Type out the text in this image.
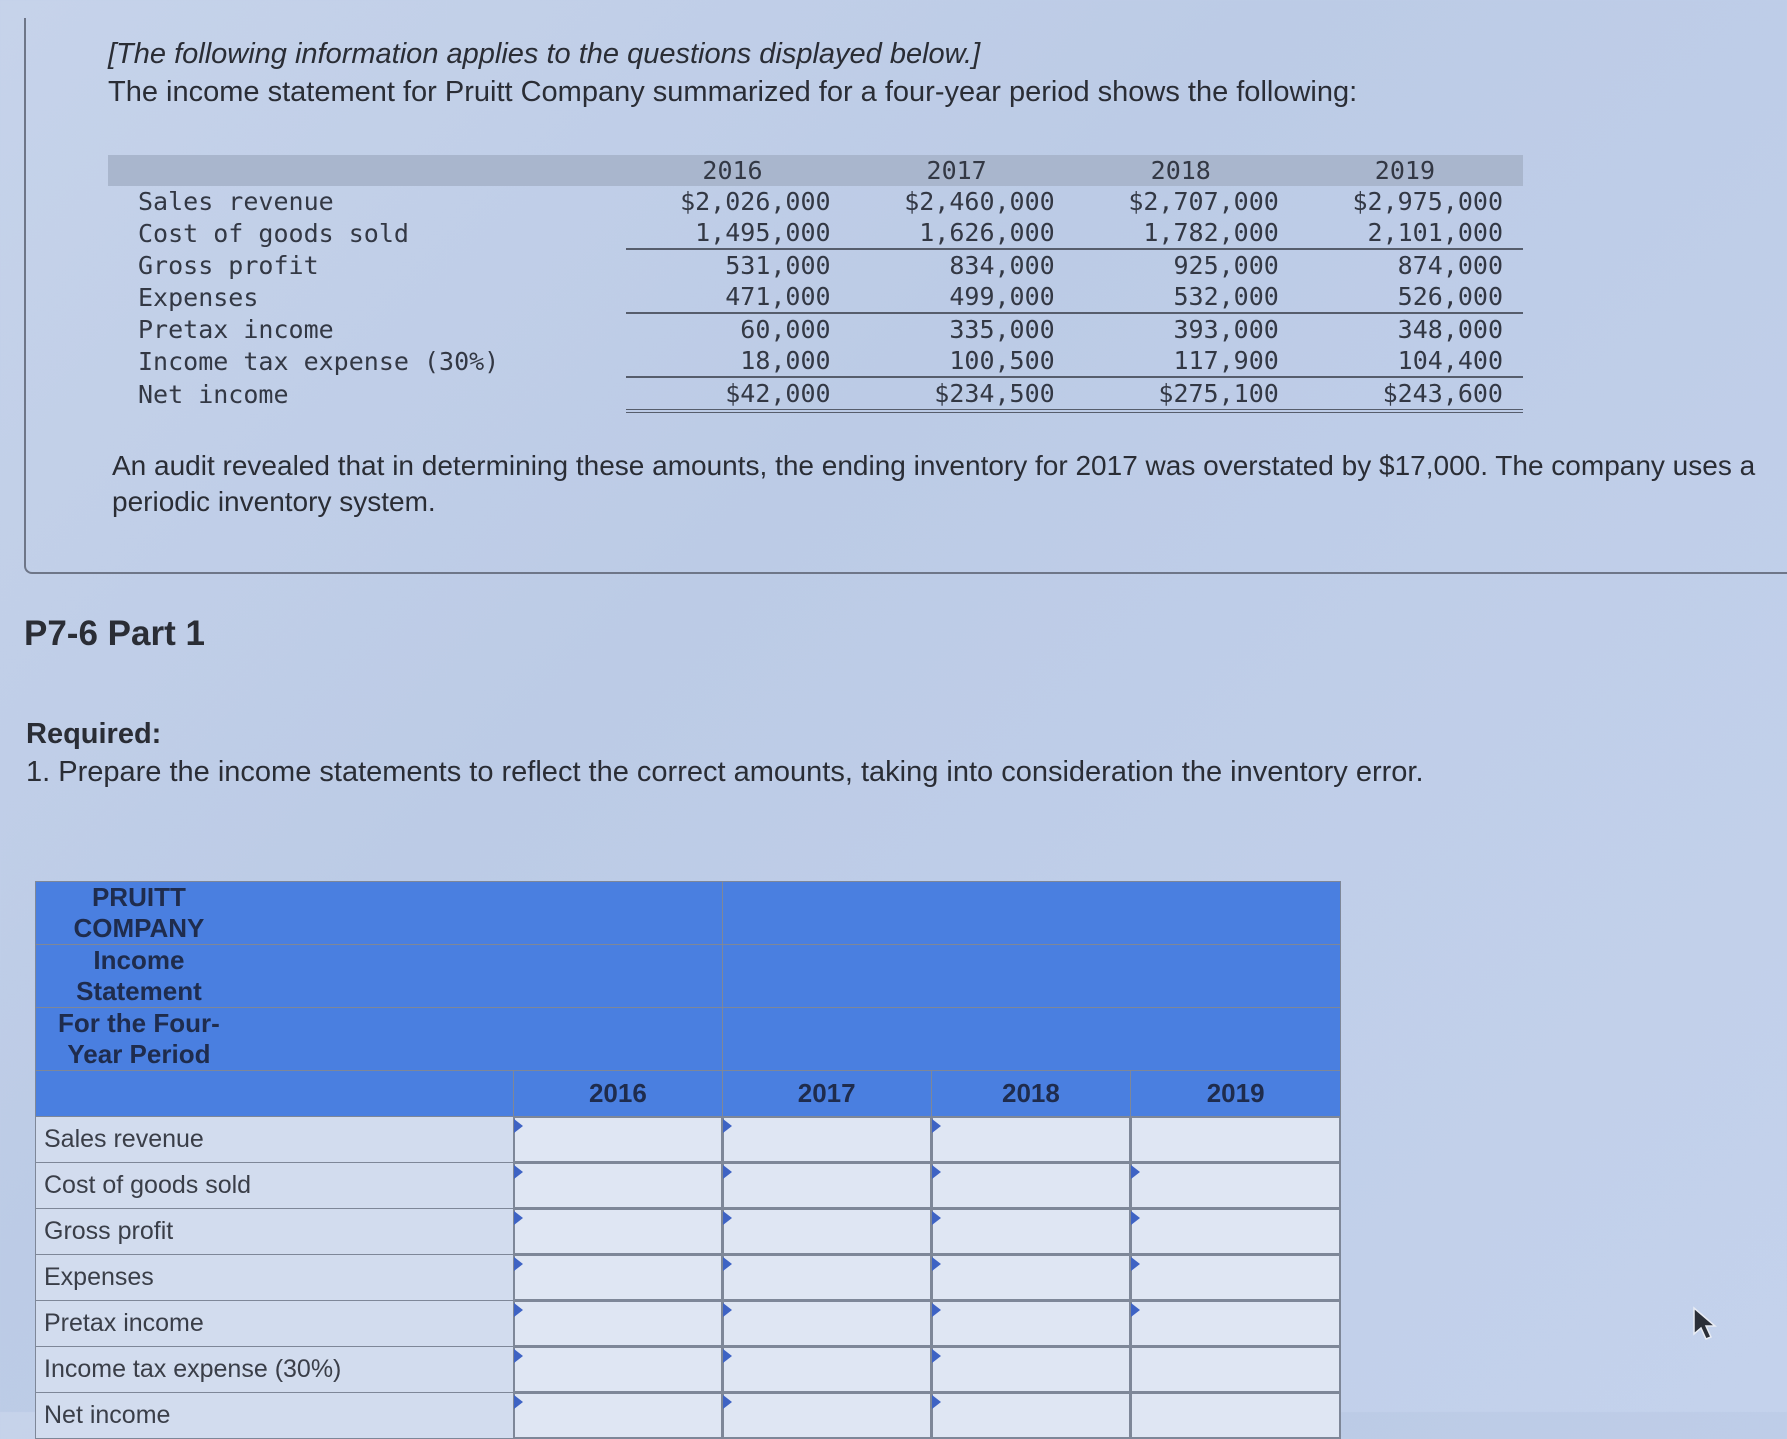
[The following information applies to the questions displayed below.]
The income statement for Pruitt Company summarized for a four-year period shows the following:
	2016	2017	2018	2019
Sales revenue	$2,026,000	$2,460,000	$2,707,000	$2,975,000
Cost of goods sold	1,495,000	1,626,000	1,782,000	2,101,000
Gross profit	531,000	834,000	925,000	874,000
Expenses	471,000	499,000	532,000	526,000
Pretax income	60,000	335,000	393,000	348,000
Income tax expense (30%)	18,000	100,500	117,900	104,400
Net income	$42,000	$234,500	$275,100	$243,600
An audit revealed that in determining these amounts, the ending inventory for 2017 was overstated by $17,000. The company uses a periodic inventory system.
P7-6 Part 1
Required:
1. Prepare the income statements to reflect the correct amounts, taking into consideration the inventory error.
PRUITT COMPANY				
Income Statement				
For the Four-Year Period				
	2016	2017	2018	2019
Sales revenue	

Cost of goods sold	

Gross profit	

Expenses	

Pretax income	

Income tax expense (30%)	

Net income	
